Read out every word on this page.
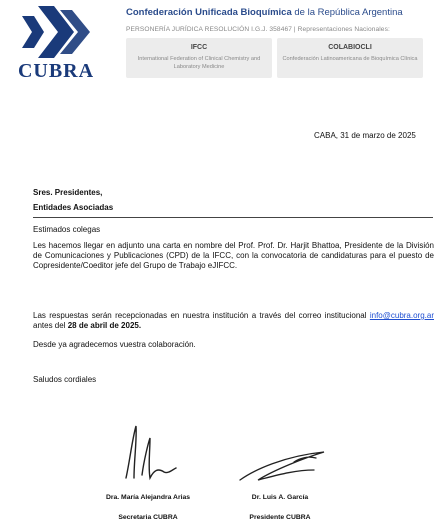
CUBRA
Confederación Unificada Bioquímica de la República Argentina
PERSONERÍA JURÍDICA RESOLUCIÓN I.G.J. 358467 | Representaciones Nacionales:
IFCC
International Federation of Clinical Chemistry and Laboratory Medicine
COLABIOCLI
Confederación Latinoamericana de Bioquímica Clínica
CABA, 31 de marzo de 2025
Sres. Presidentes,
Entidades Asociadas
Estimados colegas
Les hacemos llegar en adjunto una carta en nombre del Prof. Prof. Dr. Harjit Bhattoa, Presidente de la División de Comunicaciones y Publicaciones (CPD) de la IFCC, con la convocatoria de candidaturas para el puesto de Copresidente/Coeditor jefe del Grupo de Trabajo eJIFCC.
Las respuestas serán recepcionadas en nuestra institución a través del correo institucional info@cubra.org.ar antes del 28 de abril de 2025.
Desde ya agradecemos vuestra colaboración.
Saludos cordiales
Dra. María Alejandra Arias	Dr. Luis A. García
Secretaria CUBRA	Presidente CUBRA
